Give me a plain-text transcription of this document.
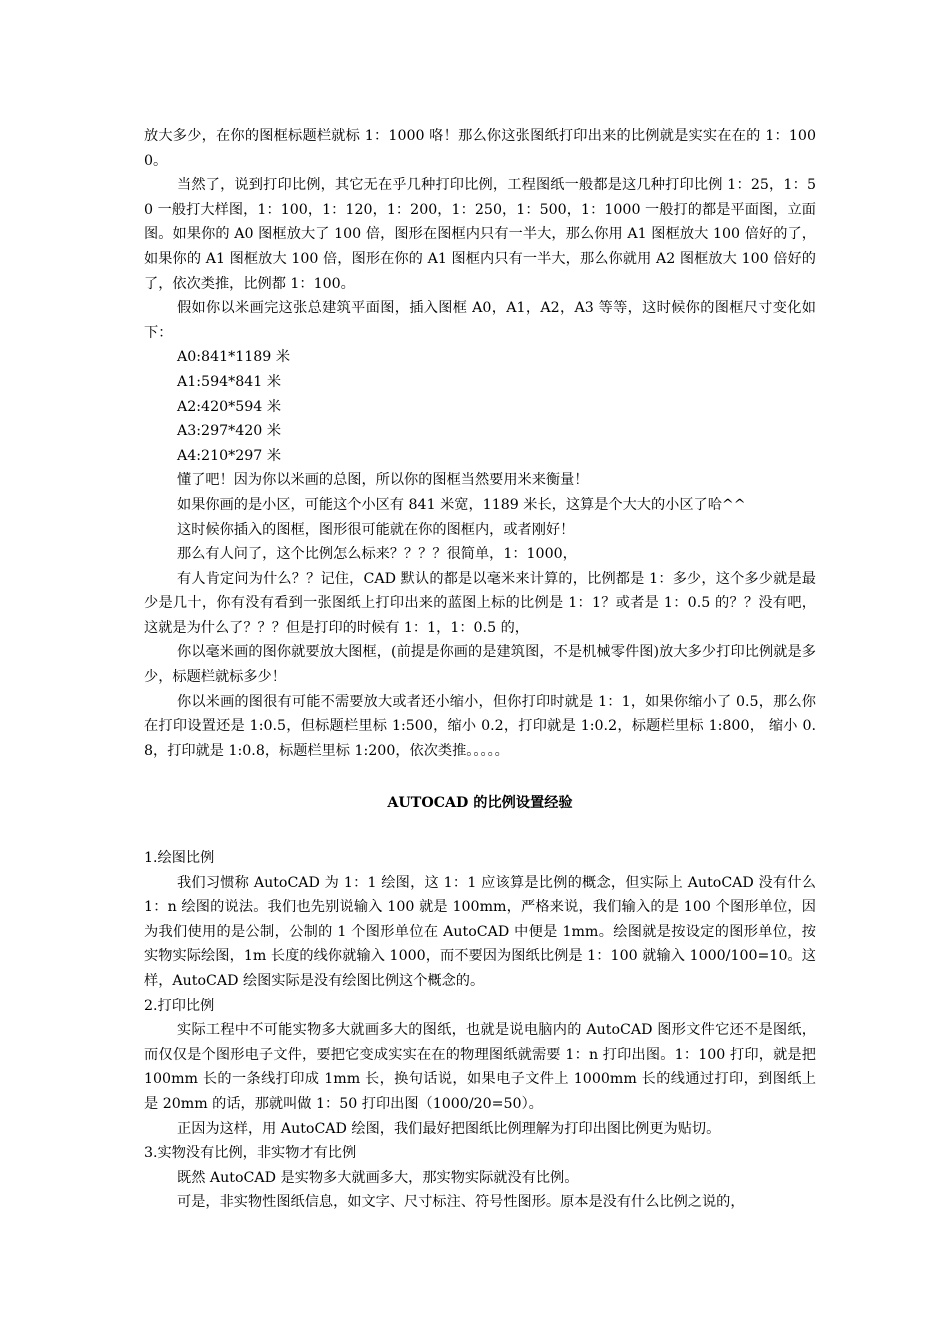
放大多少，在你的图框标题栏就标 1：1000 咯！那么你这张图纸打印出来的比例就是实实在在的 1：1000。

当然了，说到打印比例，其它无在乎几种打印比例，工程图纸一般都是这几种打印比例 1：25，1：50 一般打大样图，1：100，1：120，1：200，1：250，1：500，1：1000 一般打的都是平面图，立面图。如果你的 A0 图框放大了 100 倍，图形在图框内只有一半大，那么你用 A1 图框放大 100 倍好的了，如果你的 A1 图框放大 100 倍，图形在你的 A1 图框内只有一半大，那么你就用 A2 图框放大 100 倍好的了，依次类推，比例都 1：100。

假如你以米画完这张总建筑平面图，插入图框 A0，A1，A2，A3 等等，这时候你的图框尺寸变化如下：

A0:841*1189 米

A1:594*841 米

A2:420*594 米

A3:297*420 米

A4:210*297 米

懂了吧！因为你以米画的总图，所以你的图框当然要用米来衡量！

如果你画的是小区，可能这个小区有 841 米宽，1189 米长，这算是个大大的小区了哈^^

这时候你插入的图框，图形很可能就在你的图框内，或者刚好！

那么有人问了，这个比例怎么标来？？？？很简单，1：1000，

有人肯定问为什么？？记住，CAD 默认的都是以毫米来计算的，比例都是 1：多少，这个多少就是最少是几十，你有没有看到一张图纸上打印出来的蓝图上标的比例是 1：1？或者是 1：0.5 的？？没有吧，这就是为什么了？？？但是打印的时候有 1：1，1：0.5 的，

你以毫米画的图你就要放大图框，(前提是你画的是建筑图，不是机械零件图)放大多少打印比例就是多少，标题栏就标多少！

你以米画的图很有可能不需要放大或者还小缩小，但你打印时就是 1：1，如果你缩小了 0.5，那么你在打印设置还是 1:0.5，但标题栏里标 1:500，缩小 0.2，打印就是 1:0.2，标题栏里标 1:800， 缩小 0.8，打印就是 1:0.8，标题栏里标 1:200，依次类推。。。。。

AUTOCAD 的比例设置经验

1.绘图比例

我们习惯称 AutoCAD 为 1：1 绘图，这 1：1 应该算是比例的概念，但实际上 AutoCAD 没有什么 1：n 绘图的说法。我们也先别说输入 100 就是 100mm，严格来说，我们输入的是 100 个图形单位，因为我们使用的是公制，公制的 1 个图形单位在 AutoCAD 中便是 1mm。绘图就是按设定的图形单位，按实物实际绘图，1m 长度的线你就输入 1000，而不要因为图纸比例是 1：100 就输入 1000/100=10。这样，AutoCAD 绘图实际是没有绘图比例这个概念的。

2.打印比例

实际工程中不可能实物多大就画多大的图纸，也就是说电脑内的 AutoCAD 图形文件它还不是图纸，而仅仅是个图形电子文件，要把它变成实实在在的物理图纸就需要 1：n 打印出图。1：100 打印，就是把 100mm 长的一条线打印成 1mm 长，换句话说，如果电子文件上 1000mm 长的线通过打印，到图纸上是 20mm 的话，那就叫做 1：50 打印出图（1000/20=50）。

正因为这样，用 AutoCAD 绘图，我们最好把图纸比例理解为打印出图比例更为贴切。

3.实物没有比例，非实物才有比例

既然 AutoCAD 是实物多大就画多大，那实物实际就没有比例。

可是，非实物性图纸信息，如文字、尺寸标注、符号性图形。原本是没有什么比例之说的，
